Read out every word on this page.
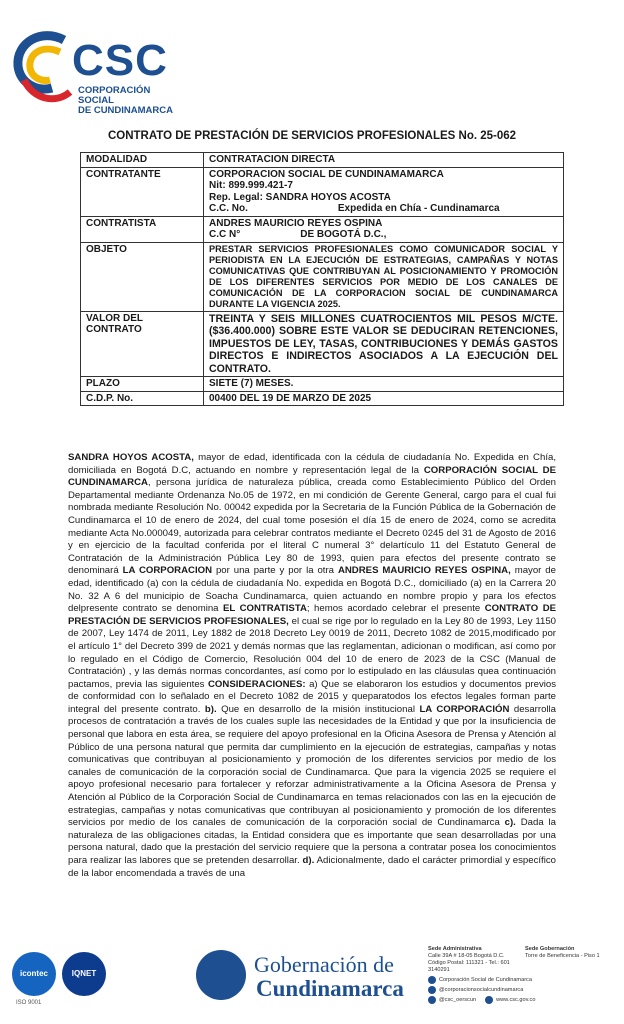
CSC
CORPORACIÓN SOCIAL
DE CUNDINAMARCA
CONTRATO DE PRESTACIÓN DE SERVICIOS PROFESIONALES No. 25-062
MODALIDAD	CONTRATACION DIRECTA
CONTRATANTE	CORPORACION SOCIAL DE CUNDINAMAMARCA
Nit: 899.999.421-7
Rep. Legal: SANDRA HOYOS ACOSTA
C.C. No. Expedida en Chía - Cundinamarca

CONTRATISTA	ANDRES MAURICIO REYES OSPINA
C.C N° DE BOGOTÁ D.C.,

OBJETO	PRESTAR SERVICIOS PROFESIONALES COMO COMUNICADOR SOCIAL Y PERIODISTA EN LA EJECUCIÓN DE ESTRATEGIAS, CAMPAÑAS Y NOTAS COMUNICATIVAS QUE CONTRIBUYAN AL POSICIONAMIENTO Y PROMOCIÓN DE LOS DIFERENTES SERVICIOS POR MEDIO DE LOS CANALES DE COMUNICACIÓN DE LA CORPORACION SOCIAL DE CUNDINAMARCA DURANTE LA VIGENCIA 2025.
VALOR DEL CONTRATO	TREINTA Y SEIS MILLONES CUATROCIENTOS MIL PESOS M/CTE. ($36.400.000) SOBRE ESTE VALOR SE DEDUCIRAN RETENCIONES, IMPUESTOS DE LEY, TASAS, CONTRIBUCIONES Y DEMÁS GASTOS DIRECTOS E INDIRECTOS ASOCIADOS A LA EJECUCIÓN DEL CONTRATO.
PLAZO	SIETE (7) MESES.
C.D.P. No.	00400 DEL 19 DE MARZO DE 2025
SANDRA HOYOS ACOSTA, mayor de edad, identificada con la cédula de ciudadanía No. Expedida en Chía, domiciliada en Bogotá D.C, actuando en nombre y representación legal de la CORPORACIÓN SOCIAL DE CUNDINAMARCA, persona jurídica de naturaleza pública, creada como Establecimiento Público del Orden Departamental mediante Ordenanza No.05 de 1972, en mi condición de Gerente General, cargo para el cual fui nombrada mediante Resolución No. 00042 expedida por la Secretaria de la Función Pública de la Gobernación de Cundinamarca el 10 de enero de 2024, del cual tome posesión el día 15 de enero de 2024, como se acredita mediante Acta No.000049, autorizada para celebrar contratos mediante el Decreto 0245 del 31 de Agosto de 2016 y en ejercicio de la facultad conferida por el literal C numeral 3° delartículo 11 del Estatuto General de Contratación de la Administración Pública Ley 80 de 1993, quien para efectos del presente contrato se denominará LA CORPORACION por una parte y por la otra ANDRES MAURICIO REYES OSPINA, mayor de edad, identificado (a) con la cédula de ciudadanía No. expedida en Bogotá D.C., domiciliado (a) en la Carrera 20 No. 32 A 6 del municipio de Soacha Cundinamarca, quien actuando en nombre propio y para los efectos delpresente contrato se denomina EL CONTRATISTA; hemos acordado celebrar el presente CONTRATO DE PRESTACIÓN DE SERVICIOS PROFESIONALES, el cual se rige por lo regulado en la Ley 80 de 1993, Ley 1150 de 2007, Ley 1474 de 2011, Ley 1882 de 2018 Decreto Ley 0019 de 2011, Decreto 1082 de 2015,modificado por el artículo 1° del Decreto 399 de 2021 y demás normas que las reglamentan, adicionan o modifican, así como por lo regulado en el Código de Comercio, Resolución 004 del 10 de enero de 2023 de la CSC (Manual de Contratación) , y las demás normas concordantes, así como por lo estipulado en las cláusulas queа continuación pactamos, previa las siguientes CONSIDERACIONES: a) Que se elaboraron los estudios y documentos previos de conformidad con lo señalado en el Decreto 1082 de 2015 y queparatodos los efectos legales forman parte integral del presente contrato. b). Que en desarrollo de la misión institucional LA CORPORACIÓN desarrolla procesos de contratación a través de los cuales suple las necesidades de la Entidad y que por la insuficiencia de personal que labora en esta área, se requiere del apoyo profesional en la Oficina Asesora de Prensa y Atención al Público de una persona natural que permita dar cumplimiento en la ejecución de estrategias, campañas y notas comunicativas que contribuyan al posicionamiento y promoción de los diferentes servicios por medio de los canales de comunicación de la corporación social de Cundinamarca. Que para la vigencia 2025 se requiere el apoyo profesional necesario para fortalecer y reforzar administrativamente a la Oficina Asesora de Prensa y Atención al Público de la Corporación Social de Cundinamarca en temas relacionados con las en la ejecución de estrategias, campañas y notas comunicativas que contribuyan al posicionamiento y promoción de los diferentes servicios por medio de los canales de comunicación de la corporación social de Cundinamarca c). Dada la naturaleza de las obligaciones citadas, la Entidad considera que es importante que sean desarrolladas por una persona natural, dado que la prestación del servicio requiere que la persona a contratar posea los conocimientos para realizar las labores que se pretenden desarrollar. d). Adicionalmente, dado el carácter primordial y específico de la labor encomendada a través de una
icontec
ISO 9001
IQNET	Gobernación de
Cundinamarca
Sede Administrativa
Calle 39A # 18-05 Bogotá D.C. Código Postal: 111321 - Tel.: 601 3140291
Sede Gobernación
Torre de Beneficencia - Piso 1
Corporación Social de Cundinamarca
@corporacionsocialcundinamarca
@csc_oerscun	www.csc.gov.co
